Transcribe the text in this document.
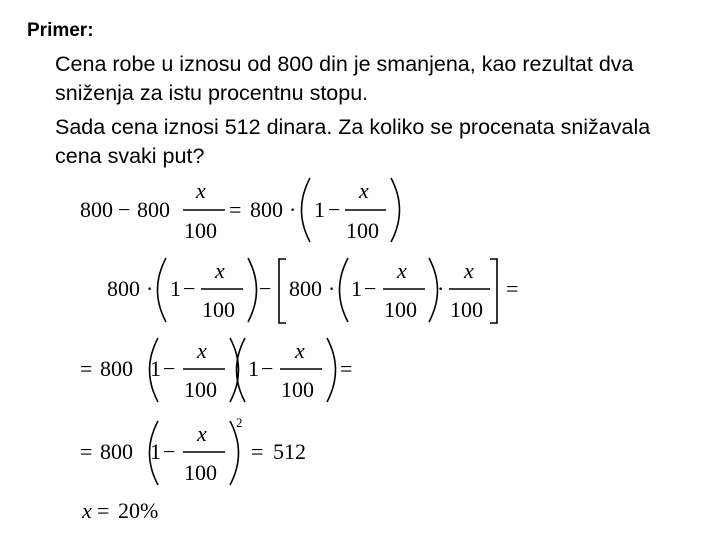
Primer:

Cena robe u iznosu od 800 din je smanjena, kao rezultat dva sniženja za istu procentnu stopu.

Sada cena iznosi 512 dinara. Za koliko se procenata snižavala cena svaki put?

800 − 800
x
100
= 800 · 1 −
x
100
800 · 1 −
x
100
− 800 · 1 −
x
100
·
x
100
=
= 800 1 −
x
100
1 −
x
100
=
= 800 1 −
x
100
2
= 512
x = 20%
